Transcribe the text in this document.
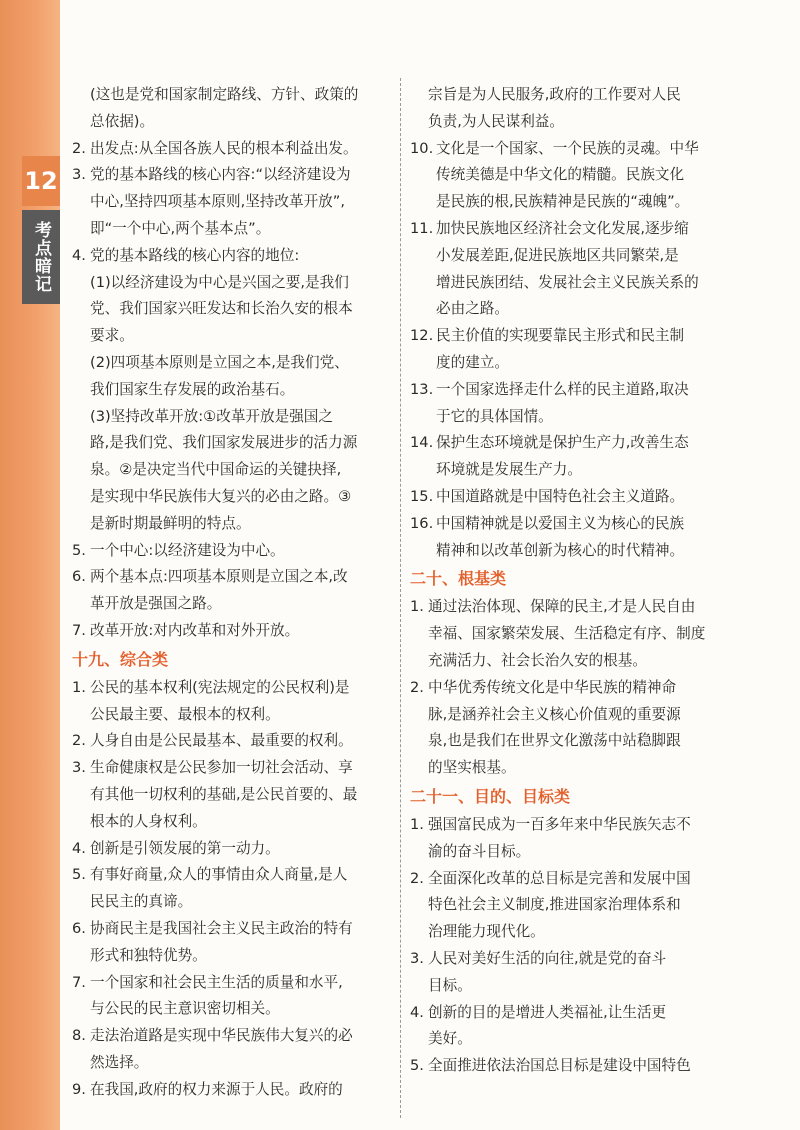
12
考点暗记
(这也是党和国家制定路线、方针、政策的
总依据)。
2. 出发点:从全国各族人民的根本利益出发。
3. 党的基本路线的核心内容:“以经济建设为
中心,坚持四项基本原则,坚持改革开放”,
即“一个中心,两个基本点”。
4. 党的基本路线的核心内容的地位:
(1)以经济建设为中心是兴国之要,是我们
党、我们国家兴旺发达和长治久安的根本
要求。
(2)四项基本原则是立国之本,是我们党、
我们国家生存发展的政治基石。
(3)坚持改革开放:①改革开放是强国之
路,是我们党、我们国家发展进步的活力源
泉。②是决定当代中国命运的关键抉择,
是实现中华民族伟大复兴的必由之路。③
是新时期最鲜明的特点。
5. 一个中心:以经济建设为中心。
6. 两个基本点:四项基本原则是立国之本,改
革开放是强国之路。
7. 改革开放:对内改革和对外开放。
十九、综合类
1. 公民的基本权利(宪法规定的公民权利)是
公民最主要、最根本的权利。
2. 人身自由是公民最基本、最重要的权利。
3. 生命健康权是公民参加一切社会活动、享
有其他一切权利的基础,是公民首要的、最
根本的人身权利。
4. 创新是引领发展的第一动力。
5. 有事好商量,众人的事情由众人商量,是人
民民主的真谛。
6. 协商民主是我国社会主义民主政治的特有
形式和独特优势。
7. 一个国家和社会民主生活的质量和水平,
与公民的民主意识密切相关。
8. 走法治道路是实现中华民族伟大复兴的必
然选择。
9. 在我国,政府的权力来源于人民。政府的
宗旨是为人民服务,政府的工作要对人民
负责,为人民谋利益。
10. 文化是一个国家、一个民族的灵魂。中华
传统美德是中华文化的精髓。民族文化
是民族的根,民族精神是民族的“魂魄”。
11. 加快民族地区经济社会文化发展,逐步缩
小发展差距,促进民族地区共同繁荣,是
增进民族团结、发展社会主义民族关系的
必由之路。
12. 民主价值的实现要靠民主形式和民主制
度的建立。
13. 一个国家选择走什么样的民主道路,取决
于它的具体国情。
14. 保护生态环境就是保护生产力,改善生态
环境就是发展生产力。
15. 中国道路就是中国特色社会主义道路。
16. 中国精神就是以爱国主义为核心的民族
精神和以改革创新为核心的时代精神。
二十、根基类
1. 通过法治体现、保障的民主,才是人民自由
幸福、国家繁荣发展、生活稳定有序、制度
充满活力、社会长治久安的根基。
2. 中华优秀传统文化是中华民族的精神命
脉,是涵养社会主义核心价值观的重要源
泉,也是我们在世界文化激荡中站稳脚跟
的坚实根基。
二十一、目的、目标类
1. 强国富民成为一百多年来中华民族矢志不
渝的奋斗目标。
2. 全面深化改革的总目标是完善和发展中国
特色社会主义制度,推进国家治理体系和
治理能力现代化。
3. 人民对美好生活的向往,就是党的奋斗
目标。
4. 创新的目的是增进人类福祉,让生活更
美好。
5. 全面推进依法治国总目标是建设中国特色
